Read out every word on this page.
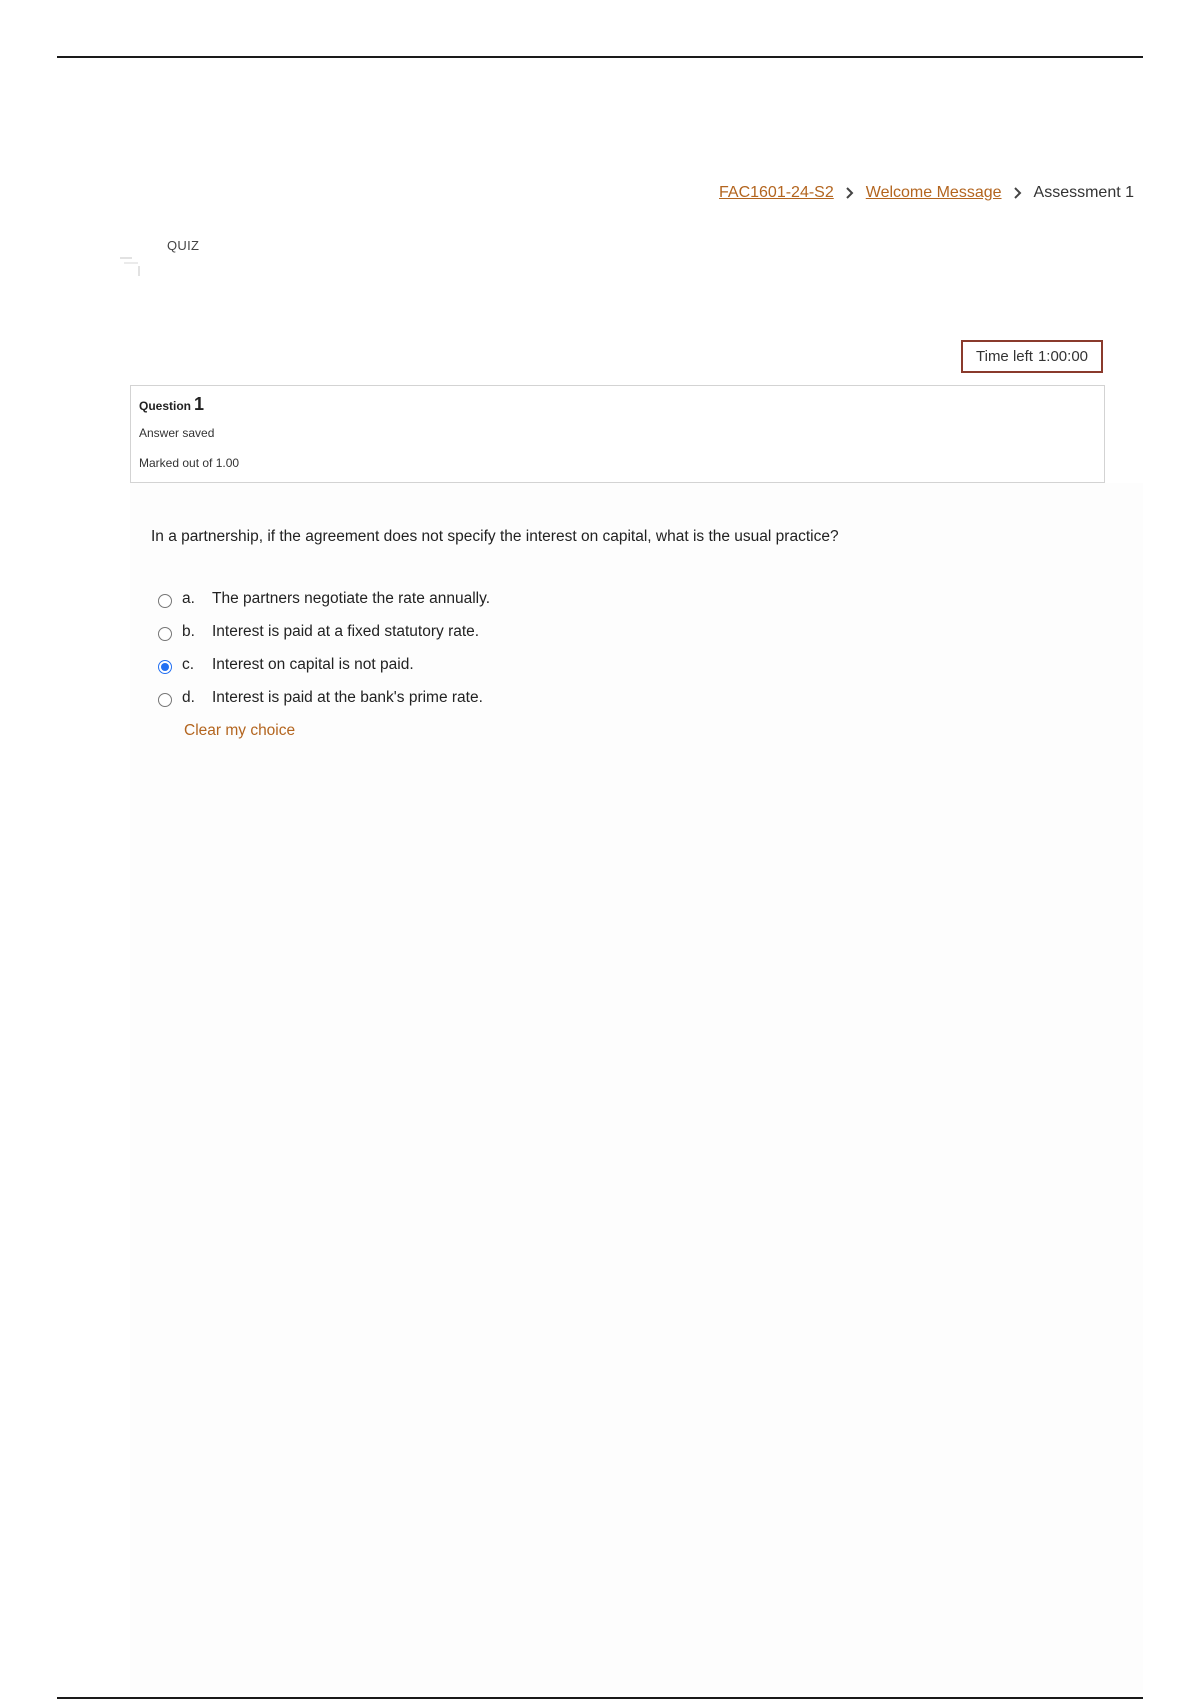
FAC1601-24-S2 Welcome Message Assessment 1
QUIZ
Time left 1:00:00
Question 1
Answer saved
Marked out of 1.00
In a partnership, if the agreement does not specify the interest on capital, what is the usual practice?
a.	The partners negotiate the rate annually.
b.	Interest is paid at a fixed statutory rate.
c.	Interest on capital is not paid.
d.	Interest is paid at the bank's prime rate.
Clear my choice
